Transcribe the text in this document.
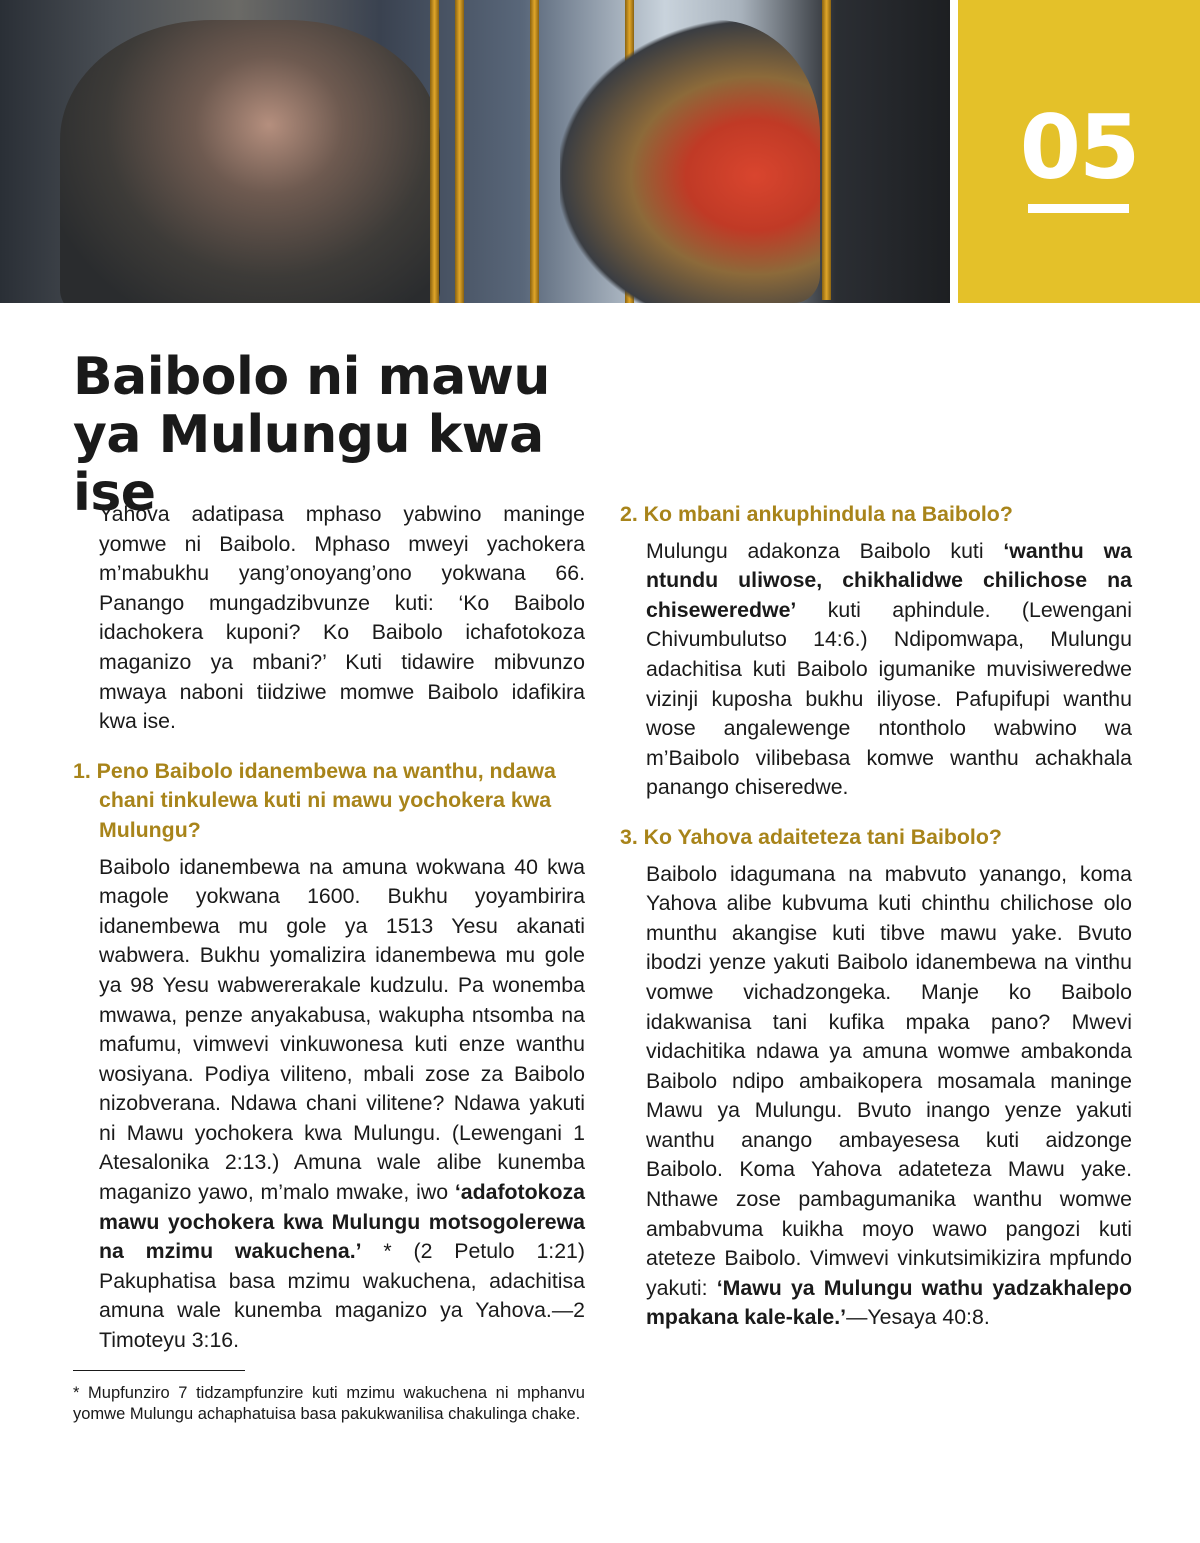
05
Baibolo ni mawu ya Mulungu kwa ise

Yahova adatipasa mphaso yabwino maninge yomwe ni Baibolo. Mphaso mweyi yachokera m’mabukhu yang’onoyang’ono yokwana 66. Panango mungadzibvunze kuti: ‘Ko Baibolo idachokera kuponi? Ko Baibolo ichafotokoza maganizo ya mbani?’ Kuti tidawire mibvunzo mwaya naboni tiidziwe momwe Baibolo idafikira kwa ise.

1. Peno Baibolo idanembewa na wanthu, ndawa chani tinkulewa kuti ni mawu yochokera kwa Mulungu?

Baibolo idanembewa na amuna wokwana 40 kwa magole yokwana 1600. Bukhu yoyambirira idanembewa mu gole ya 1513 Yesu akanati wabwera. Bukhu yomalizira idanembewa mu gole ya 98 Yesu wabwererakale kudzulu. Pa wonemba mwawa, penze anyakabusa, wakupha ntsomba na mafumu, vimwevi vinkuwonesa kuti enze wanthu wosiyana. Podiya viliteno, mbali zose za Baibolo nizobverana. Ndawa chani vilitene? Ndawa yakuti ni Mawu yochokera kwa Mulungu. (Lewengani 1 Atesalonika 2:13.) Amuna wale alibe kunemba maganizo yawo, m’malo mwake, iwo ‘adafotokoza mawu yochokera kwa Mulungu motsogolerewa na mzimu wakuchena.’ * (2 Petulo 1:21) Pakuphatisa basa mzimu wakuchena, adachitisa amuna wale kunemba maganizo ya Yahova.—2 Timoteyu 3:16.

* Mupfunziro 7 tidzampfunzire kuti mzimu wakuchena ni mphanvu yomwe Mulungu achaphatuisa basa pakukwanilisa chakulinga chake.

2. Ko mbani ankuphindula na Baibolo?

Mulungu adakonza Baibolo kuti ‘wanthu wa ntundu uliwose, chikhalidwe chilichose na chiseweredwe’ kuti aphindule. (Lewengani Chivumbulutso 14:6.) Ndipomwapa, Mulungu adachitisa kuti Baibolo igumanike muvisiweredwe vizinji kuposha bukhu iliyose. Pafupifupi wanthu wose angalewenge ntontholo wabwino wa m’Baibolo vilibebasa komwe wanthu achakhala panango chiseredwe.

3. Ko Yahova adaiteteza tani Baibolo?

Baibolo idagumana na mabvuto yanango, koma Yahova alibe kubvuma kuti chinthu chilichose olo munthu akangise kuti tibve mawu yake. Bvuto ibodzi yenze yakuti Baibolo idanembewa na vinthu vomwe vichadzongeka. Manje ko Baibolo idakwanisa tani kufika mpaka pano? Mwevi vidachitika ndawa ya amuna womwe ambakonda Baibolo ndipo ambaikopera mosamala maninge Mawu ya Mulungu. Bvuto inango yenze yakuti wanthu anango ambayesesa kuti aidzonge Baibolo. Koma Yahova adateteza Mawu yake. Nthawe zose pambagumanika wanthu womwe ambabvuma kuikha moyo wawo pangozi kuti ateteze Baibolo. Vimwevi vinkutsimikizira mpfundo yakuti: ‘Mawu ya Mulungu wathu yadzakhalepo mpakana kale-kale.’—Yesaya 40:8.
